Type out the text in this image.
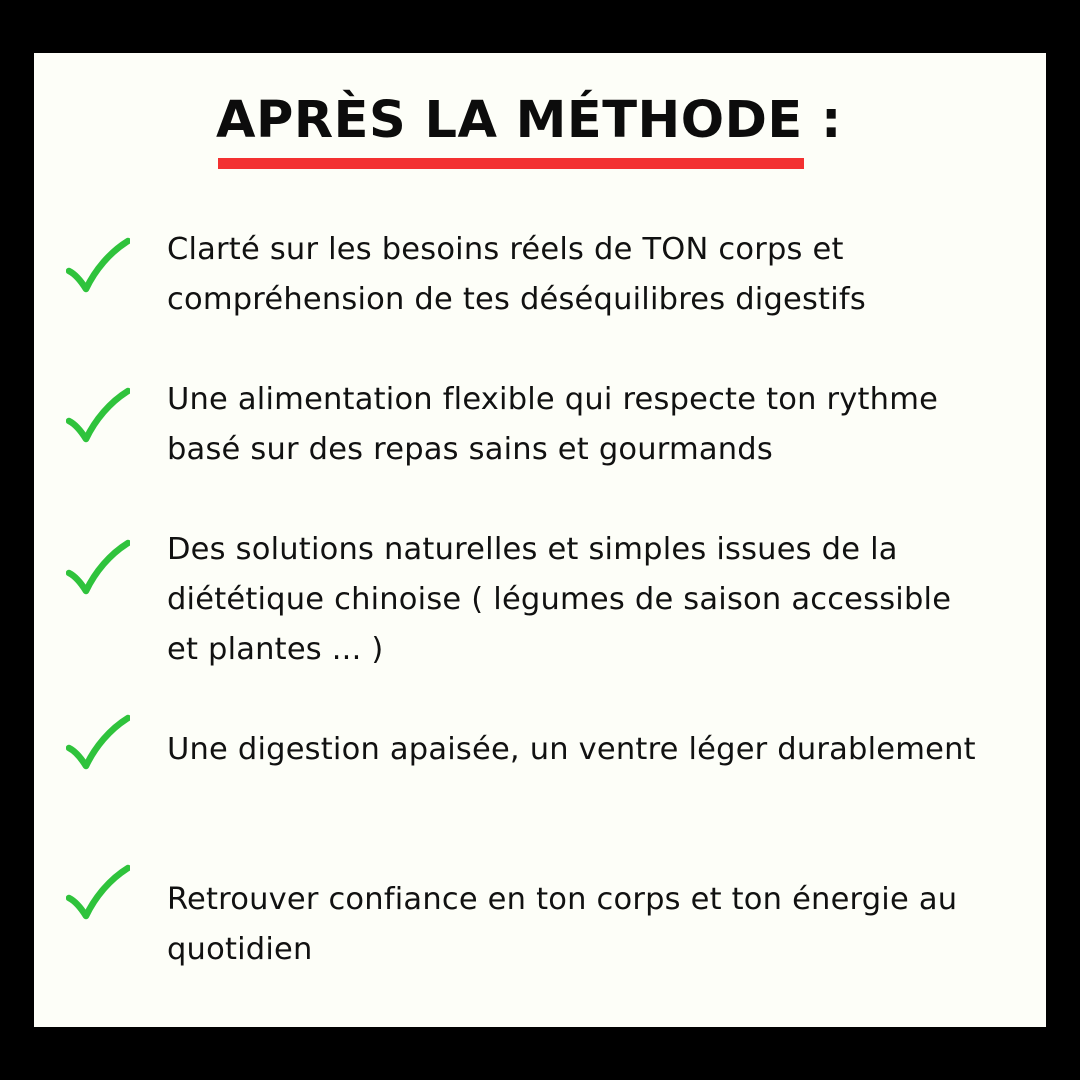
APRÈS LA MÉTHODE :

Clarté sur les besoins réels de TON corps et
compréhension de tes déséquilibres digestifs

Une alimentation flexible qui respecte ton rythme
basé sur des repas sains et gourmands

Des solutions naturelles et simples issues de la
diététique chinoise ( légumes de saison accessible
et plantes ... )

Une digestion apaisée, un ventre léger durablement

Retrouver confiance en ton corps et ton énergie au
quotidien
